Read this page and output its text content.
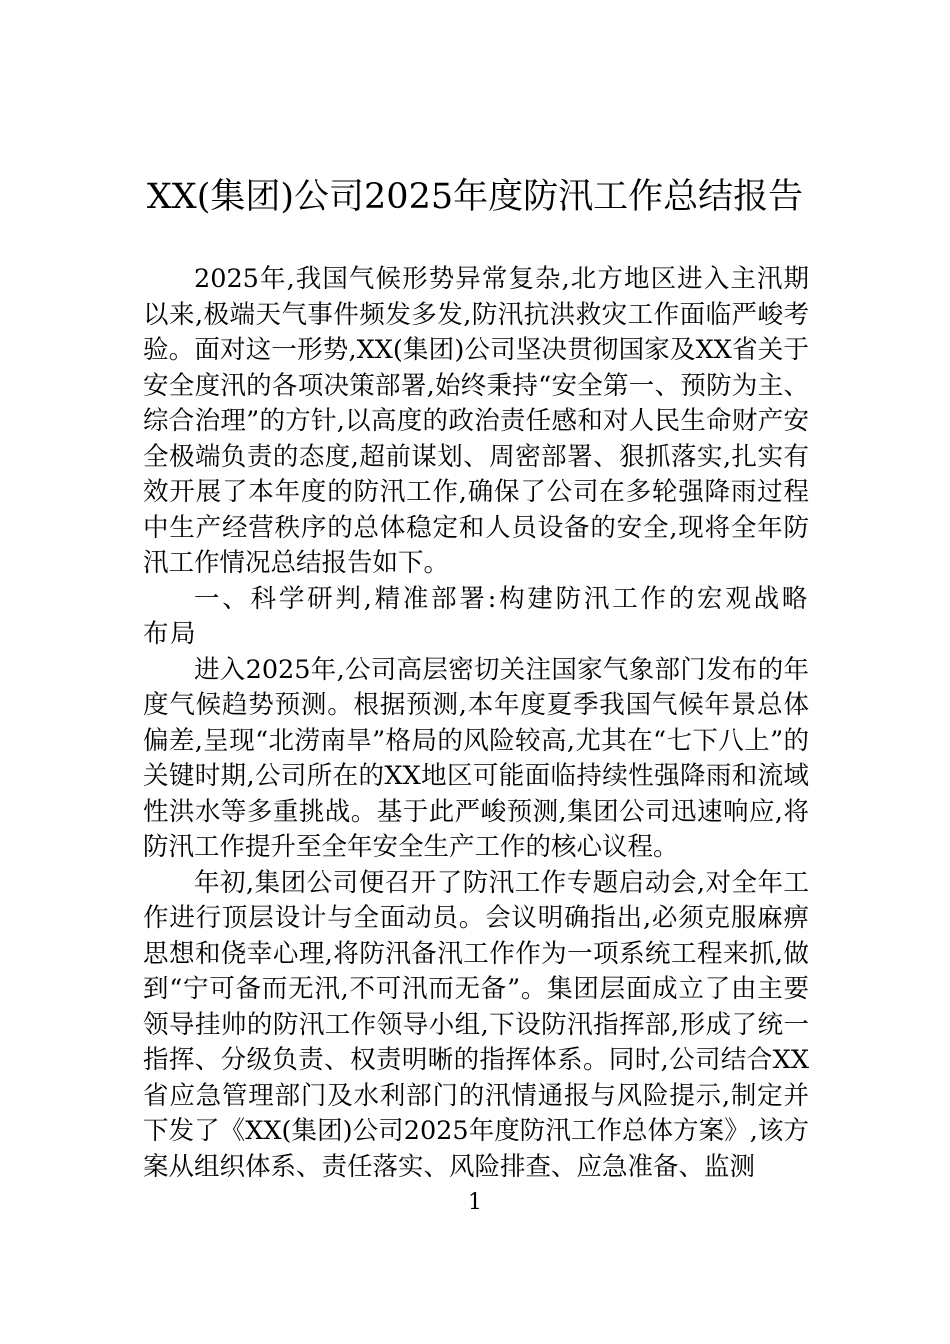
XX(集团)公司2025年度防汛工作总结报告

2025年,我国气候形势异常复杂,北方地区进入主汛期以来,极端天气事件频发多发,防汛抗洪救灾工作面临严峻考验。面对这一形势,XX(集团)公司坚决贯彻国家及XX省关于安全度汛的各项决策部署,始终秉持“安全第一、预防为主、综合治理”的方针,以高度的政治责任感和对人民生命财产安全极端负责的态度,超前谋划、周密部署、狠抓落实,扎实有效开展了本年度的防汛工作,确保了公司在多轮强降雨过程中生产经营秩序的总体稳定和人员设备的安全,现将全年防汛工作情况总结报告如下。

一、科学研判,精准部署:构建防汛工作的宏观战略布局

进入2025年,公司高层密切关注国家气象部门发布的年度气候趋势预测。根据预测,本年度夏季我国气候年景总体偏差,呈现“北涝南旱”格局的风险较高,尤其在“七下八上”的关键时期,公司所在的XX地区可能面临持续性强降雨和流域性洪水等多重挑战。基于此严峻预测,集团公司迅速响应,将防汛工作提升至全年安全生产工作的核心议程。

年初,集团公司便召开了防汛工作专题启动会,对全年工作进行顶层设计与全面动员。会议明确指出,必须克服麻痹思想和侥幸心理,将防汛备汛工作作为一项系统工程来抓,做到“宁可备而无汛,不可汛而无备”。集团层面成立了由主要领导挂帅的防汛工作领导小组,下设防汛指挥部,形成了统一指挥、分级负责、权责明晰的指挥体系。同时,公司结合XX省应急管理部门及水利部门的汛情通报与风险提示,制定并下发了《XX(集团)公司2025年度防汛工作总体方案》,该方案从组织体系、责任落实、风险排查、应急准备、监测

1
